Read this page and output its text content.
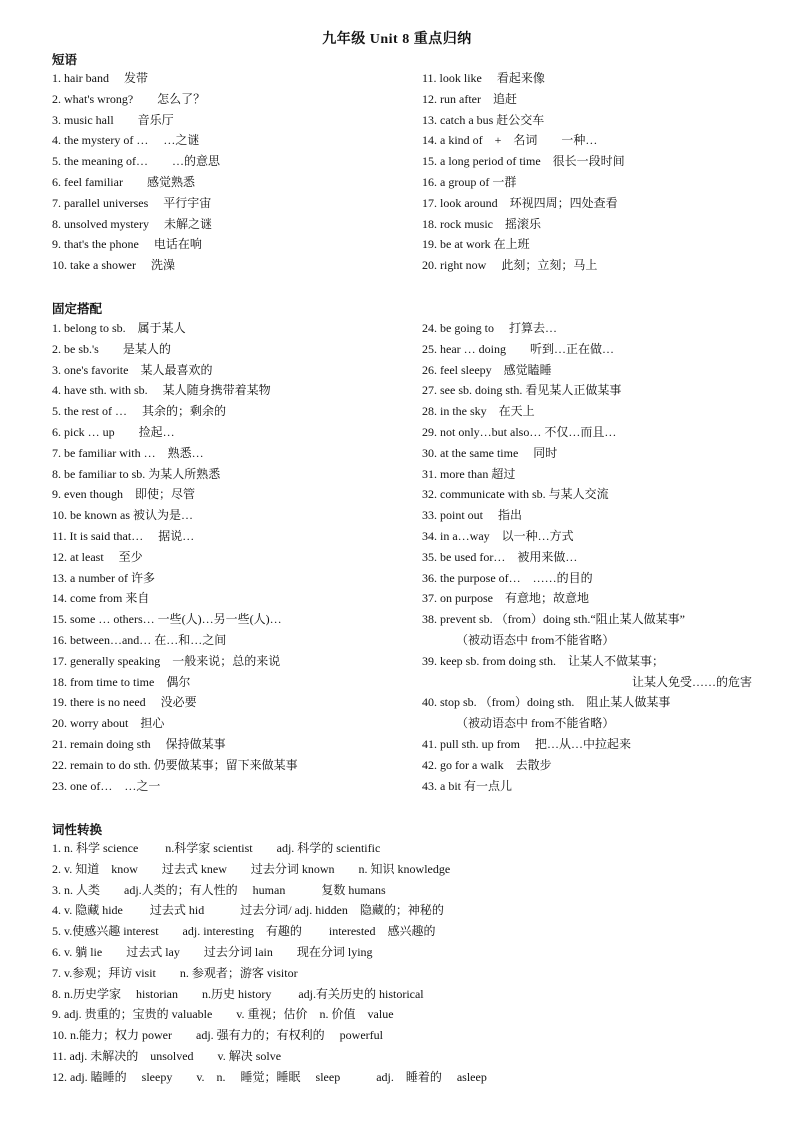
九年级 Unit 8 重点归纳
短语
1. hair band　 发带
2. what's wrong?　　怎么了？
3. music hall　　音乐厅
4. the mystery of …　 …之谜
5. the meaning of…　　…的意思
6. feel familiar　　感觉熟悉
7. parallel universes　 平行宇宙
8. unsolved mystery　 未解之谜
9. that's the phone　 电话在响
10. take a shower　 洗澡
11. look like　 看起来像
12. run after　追赶
13. catch a bus 赶公交车
14. a kind of　+　名词　　一种…
15. a long period of time　很长一段时间
16. a group of 一群
17. look around　环视四周；四处查看
18. rock music　摇滚乐
19. be at work 在上班
20. right now　 此刻；立刻；马上
固定搭配
1. belong to sb.　属于某人
2. be sb.'s　　是某人的
3. one's favorite　某人最喜欢的
4. have sth. with sb.　 某人随身携带着某物
5. the rest of …　 其余的；剩余的
6. pick … up　　捡起…
7. be familiar with …　熟悉…
8. be familiar to sb. 为某人所熟悉
9. even though　即使；尽管
10. be known as 被认为是…
11. It is said that…　 据说…
12. at least　 至少
13. a number of 许多
14. come from 来自
15. some … others… 一些(人)…另一些(人)…
16. between…and… 在…和…之间
17. generally speaking　一般来说；总的来说
18. from time to time　偶尔
19. there is no need　 没必要
20. worry about　担心
21. remain doing sth　 保持做某事
22. remain to do sth. 仍要做某事；留下来做某事
23. one of…　…之一
24. be going to　 打算去…
25. hear … doing　　听到…正在做…
26. feel sleepy　感觉瞌睡
27. see sb. doing sth. 看见某人正做某事
28. in the sky　在天上
29. not only…but also… 不仅…而且…
30. at the same time　 同时
31. more than 超过
32. communicate with sb. 与某人交流
33. point out　 指出
34. in a…way　以一种…方式
35. be used for…　被用来做…
36. the purpose of…　……的目的
37. on purpose　有意地；故意地
38. prevent sb. （from）doing sth.“阻止某人做某事”
（被动语态中 from不能省略）
39. keep sb. from doing sth.　让某人不做某事；
让某人免受……的危害
40. stop sb. （from）doing sth.　阻止某人做某事
（被动语态中 from不能省略）
41. pull sth. up from　 把…从…中拉起来
42. go for a walk　去散步
43. a bit 有一点儿
词性转换
1. n. 科学 science　　 n.科学家 scientist　　adj. 科学的 scientific
2. v. 知道　know　　过去式 knew　　过去分词 known　　n. 知识 knowledge
3. n. 人类　　adj.人类的；有人性的　 human　　　复数 humans
4. v. 隐藏 hide　　 过去式 hid　　　过去分词/ adj. hidden　隐藏的；神秘的
5. v.使感兴趣 interest　　adj. interesting　有趣的　　 interested　感兴趣的
6. v. 躺 lie　　过去式 lay　　过去分词 lain　　现在分词 lying
7. v.参观；拜访 visit　　n. 参观者；游客 visitor
8. n.历史学家　 historian　　n.历史 history　　 adj.有关历史的 historical
9. adj. 贵重的；宝贵的 valuable　　v. 重视；估价　n. 价值　value
10. n.能力；权力 power　　adj. 强有力的；有权利的　 powerful
11. adj. 未解决的　unsolved　　v. 解决 solve
12. adj. 瞌睡的　 sleepy　　v.　n.　 睡觉；睡眠　 sleep　　　adj.　睡着的　 asleep
